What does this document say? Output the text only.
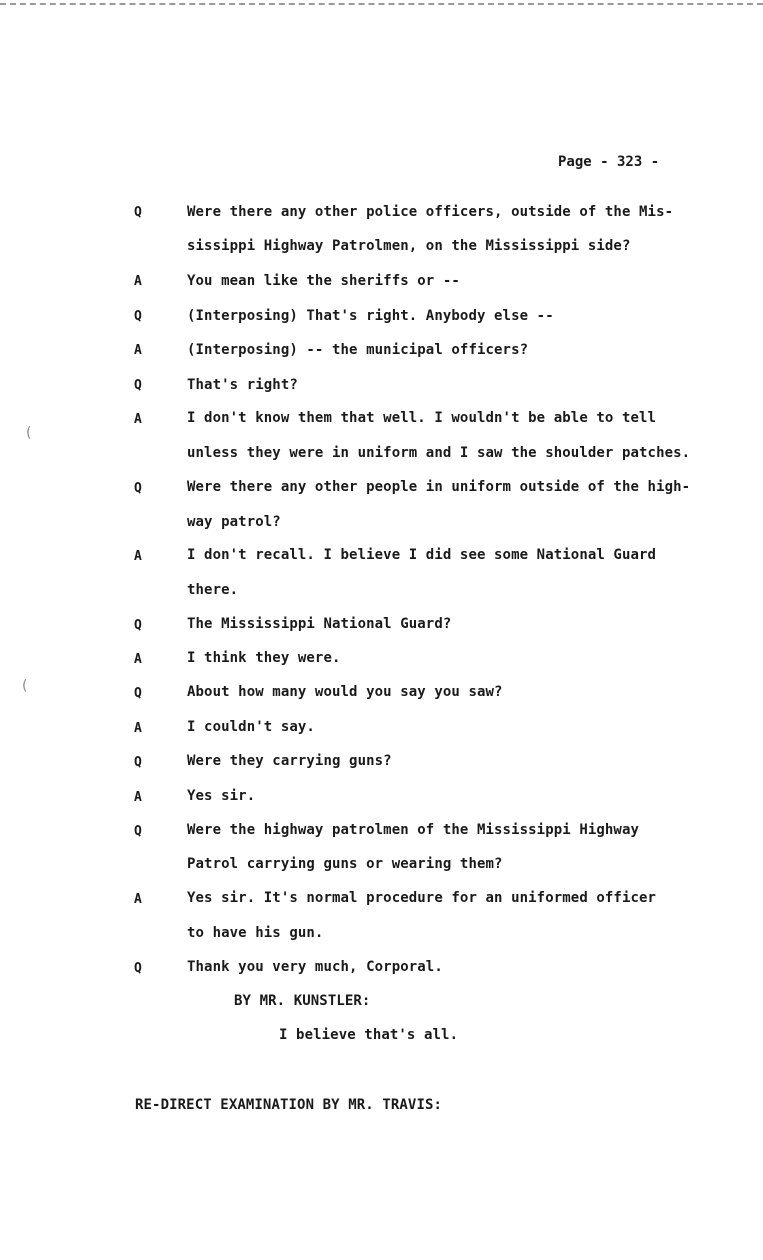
(
(
Page - 323 -
Q	Were there any other police officers, outside of the Mis-
sissippi Highway Patrolmen, on the Mississippi side?
A	You mean like the sheriffs or --
Q	(Interposing) That's right. Anybody else --
A	(Interposing) -- the municipal officers?
Q	That's right?
A	I don't know them that well. I wouldn't be able to tell
unless they were in uniform and I saw the shoulder patches.
Q	Were there any other people in uniform outside of the high-
way patrol?
A	I don't recall. I believe I did see some National Guard
there.
Q	The Mississippi National Guard?
A	I think they were.
Q	About how many would you say you saw?
A	I couldn't say.
Q	Were they carrying guns?
A	Yes sir.
Q	Were the highway patrolmen of the Mississippi Highway
Patrol carrying guns or wearing them?
A	Yes sir. It's normal procedure for an uniformed officer
to have his gun.
Q	Thank you very much, Corporal.
BY MR. KUNSTLER:
I believe that's all.
RE-DIRECT EXAMINATION BY MR. TRAVIS:
